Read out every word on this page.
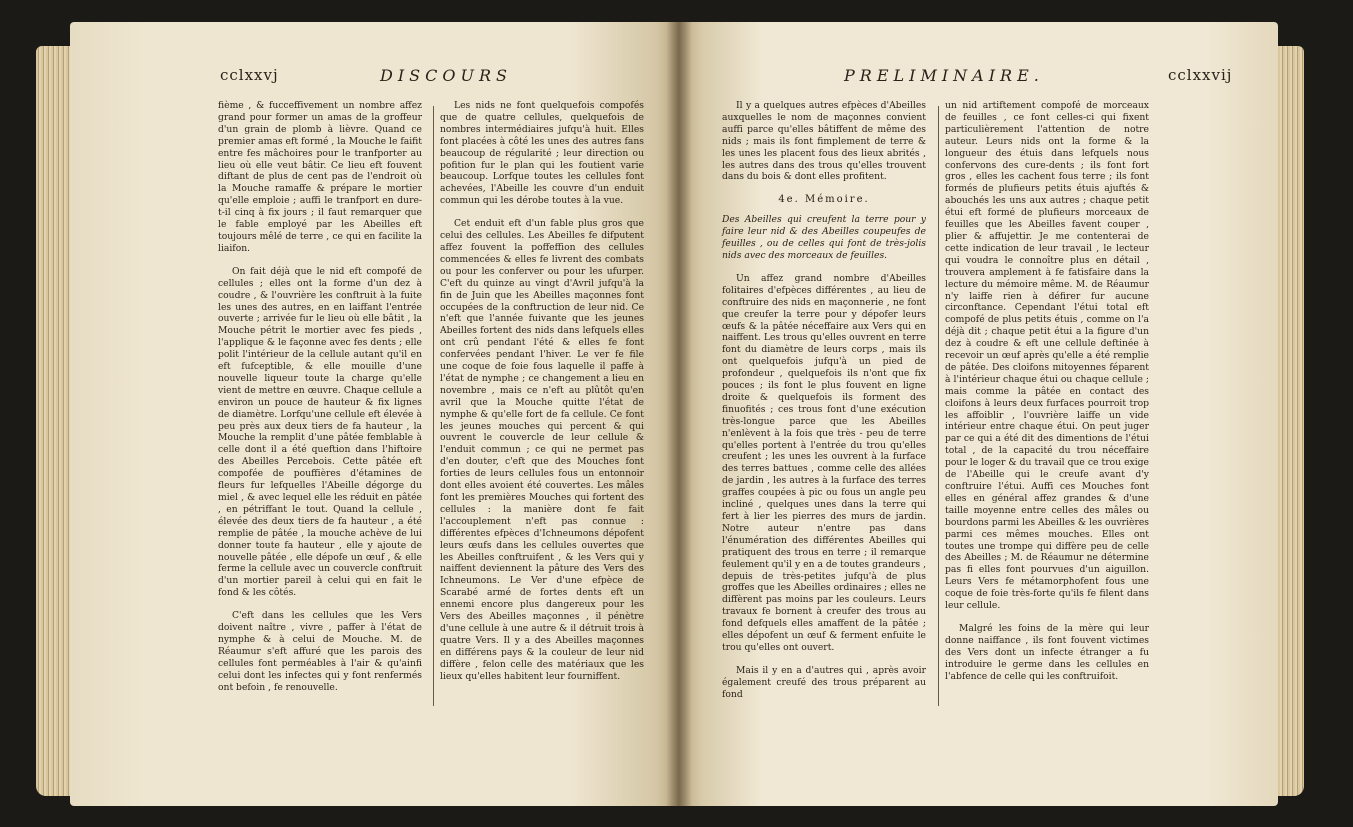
cclxxvj	DISCOURS

fième , & fucceffivement un nombre affez grand pour former un amas de la groffeur d'un grain de plomb à lièvre. Quand ce premier amas eft formé , la Mouche le faifit entre fes mâchoires pour le tranfporter au lieu où elle veut bâtir. Ce lieu eft fouvent diftant de plus de cent pas de l'endroit où la Mouche ramaffe & prépare le mortier qu'elle emploie ; auffi le tranfport en dure-t-il cinq à fix jours ; il faut remarquer que le fable employé par les Abeilles eft toujours mêlé de terre , ce qui en facilite la liaifon.

On fait déjà que le nid eft compofé de cellules ; elles ont la forme d'un dez à coudre , & l'ouvrière les conftruit à la fuite les unes des autres, en en laiffant l'entrée ouverte ; arrivée fur le lieu où elle bâtit , la Mouche pétrit le mortier avec fes pieds , l'applique & le façonne avec fes dents ; elle polit l'intérieur de la cellule autant qu'il en eft fufceptible, & elle mouille d'une nouvelle liqueur toute la charge qu'elle vient de mettre en œuvre. Chaque cellule a environ un pouce de hauteur & fix lignes de diamètre. Lorfqu'une cellule eft élevée à peu près aux deux tiers de fa hauteur , la Mouche la remplit d'une pâtée femblable à celle dont il a été queftion dans l'hiftoire des Abeilles Percebois. Cette pâtée eft compofée de pouffières d'étamines de fleurs fur lefquelles l'Abeille dégorge du miel , & avec lequel elle les réduit en pâtée , en pétriffant le tout. Quand la cellule , élevée des deux tiers de fa hauteur , a été remplie de pâtée , la mouche achève de lui donner toute fa hauteur , elle y ajoute de nouvelle pâtée , elle dépofe un œuf , & elle ferme la cellule avec un couvercle conftruit d'un mortier pareil à celui qui en fait le fond & les côtés.

C'eft dans les cellules que les Vers doivent naître , vivre , paffer à l'état de nymphe & à celui de Mouche. M. de Réaumur s'eft affuré que les parois des cellules font perméables à l'air & qu'ainfi celui dont les infectes qui y font renfermés ont befoin , fe renouvelle.

Les nids ne font quelquefois compofés que de quatre cellules, quelquefois de nombres intermédiaires jufqu'à huit. Elles font placées à côté les unes des autres fans beaucoup de régularité ; leur direction ou pofition fur le plan qui les foutient varie beaucoup. Lorfque toutes les cellules font achevées, l'Abeille les couvre d'un enduit commun qui les dérobe toutes à la vue.

Cet enduit eft d'un fable plus gros que celui des cellules. Les Abeilles fe difputent affez fouvent la poffeffion des cellules commencées & elles fe livrent des combats ou pour les conferver ou pour les ufurper. C'eft du quinze au vingt d'Avril jufqu'à la fin de Juin que les Abeilles maçonnes font occupées de la conftruction de leur nid. Ce n'eft que l'année fuivante que les jeunes Abeilles fortent des nids dans lefquels elles ont crû pendant l'été & elles fe font confervées pendant l'hiver. Le ver fe file une coque de foie fous laquelle il paffe à l'état de nymphe ; ce changement a lieu en novembre , mais ce n'eft au plûtôt qu'en avril que la Mouche quitte l'état de nymphe & qu'elle fort de fa cellule. Ce font les jeunes mouches qui percent & qui ouvrent le couvercle de leur cellule & l'enduit commun ; ce qui ne permet pas d'en douter, c'eft que des Mouches font forties de leurs cellules fous un entonnoir dont elles avoient été couvertes. Les mâles font les premières Mouches qui fortent des cellules : la manière dont fe fait l'accouplement n'eft pas connue : différentes efpèces d'Ichneumons dépofent leurs œufs dans les cellules ouvertes que les Abeilles conftruifent , & les Vers qui y naiffent deviennent la pâture des Vers des Ichneumons. Le Ver d'une efpèce de Scarabé armé de fortes dents eft un ennemi encore plus dangereux pour les Vers des Abeilles maçonnes , il pénètre d'une cellule à une autre & il détruit trois à quatre Vers. Il y a des Abeilles maçonnes en différens pays & la couleur de leur nid diffère , felon celle des matériaux que les lieux qu'elles habitent leur fourniffent.

PRELIMINAIRE.	cclxxvij

Il y a quelques autres efpèces d'Abeilles auxquelles le nom de maçonnes convient auffi parce qu'elles bâtiffent de même des nids ; mais ils font fimplement de terre & les unes les placent fous des lieux abrités , les autres dans des trous qu'elles trouvent dans du bois & dont elles profitent.

4e. Mémoire.

Des Abeilles qui creufent la terre pour y faire leur nid & des Abeilles coupeufes de feuilles , ou de celles qui font de très-jolis nids avec des morceaux de feuilles.

Un affez grand nombre d'Abeilles folitaires d'efpèces différentes , au lieu de conftruire des nids en maçonnerie , ne font que creufer la terre pour y dépofer leurs œufs & la pâtée néceffaire aux Vers qui en naiffent. Les trous qu'elles ouvrent en terre font du diamètre de leurs corps , mais ils ont quelquefois jufqu'à un pied de profondeur , quelquefois ils n'ont que fix pouces ; ils font le plus fouvent en ligne droite & quelquefois ils forment des finuofités ; ces trous font d'une exécution très-longue parce que les Abeilles n'enlèvent à la fois que très - peu de terre qu'elles portent à l'entrée du trou qu'elles creufent ; les unes les ouvrent à la furface des terres battues , comme celle des allées de jardin , les autres à la furface des terres graffes coupées à pic ou fous un angle peu incliné , quelques unes dans la terre qui fert à lier les pierres des murs de jardin. Notre auteur n'entre pas dans l'énumération des différentes Abeilles qui pratiquent des trous en terre ; il remarque feulement qu'il y en a de toutes grandeurs , depuis de très-petites jufqu'à de plus groffes que les Abeilles ordinaires ; elles ne diffèrent pas moins par les couleurs. Leurs travaux fe bornent à creufer des trous au fond defquels elles amaffent de la pâtée ; elles dépofent un œuf & ferment enfuite le trou qu'elles ont ouvert.

Mais il y en a d'autres qui , après avoir également creufé des trous préparent au fond

un nid artiftement compofé de morceaux de feuilles , ce font celles-ci qui fixent particulièrement l'attention de notre auteur. Leurs nids ont la forme & la longueur des étuis dans lefquels nous confervons des cure-dents ; ils font fort gros , elles les cachent fous terre ; ils font formés de plufieurs petits étuis ajuftés & abouchés les uns aux autres ; chaque petit étui eft formé de plufieurs morceaux de feuilles que les Abeilles favent couper , plier & affujettir. Je me contenterai de cette indication de leur travail , le lecteur qui voudra le connoître plus en détail , trouvera amplement à fe fatisfaire dans la lecture du mémoire même. M. de Réaumur n'y laiffe rien à défirer fur aucune circonftance. Cependant l'étui total eft compofé de plus petits étuis , comme on l'a déjà dit ; chaque petit étui a la figure d'un dez à coudre & eft une cellule deftinée à recevoir un œuf après qu'elle a été remplie de pâtée. Des cloifons mitoyennes féparent à l'intérieur chaque étui ou chaque cellule ; mais comme la pâtée en contact des cloifons à leurs deux furfaces pourroit trop les affoiblir , l'ouvrière laiffe un vide intérieur entre chaque étui. On peut juger par ce qui a été dit des dimentions de l'étui total , de la capacité du trou néceffaire pour le loger & du travail que ce trou exige de l'Abeille qui le creufe avant d'y conftruire l'étui. Auffi ces Mouches font elles en général affez grandes & d'une taille moyenne entre celles des mâles ou bourdons parmi les Abeilles & les ouvrières parmi ces mêmes mouches. Elles ont toutes une trompe qui diffère peu de celle des Abeilles ; M. de Réaumur ne détermine pas fi elles font pourvues d'un aiguillon. Leurs Vers fe métamorphofent fous une coque de foie très-forte qu'ils fe filent dans leur cellule.

Malgré les foins de la mère qui leur donne naiffance , ils font fouvent victimes des Vers dont un infecte étranger a fu introduire le germe dans les cellules en l'abfence de celle qui les conftruifoit.
